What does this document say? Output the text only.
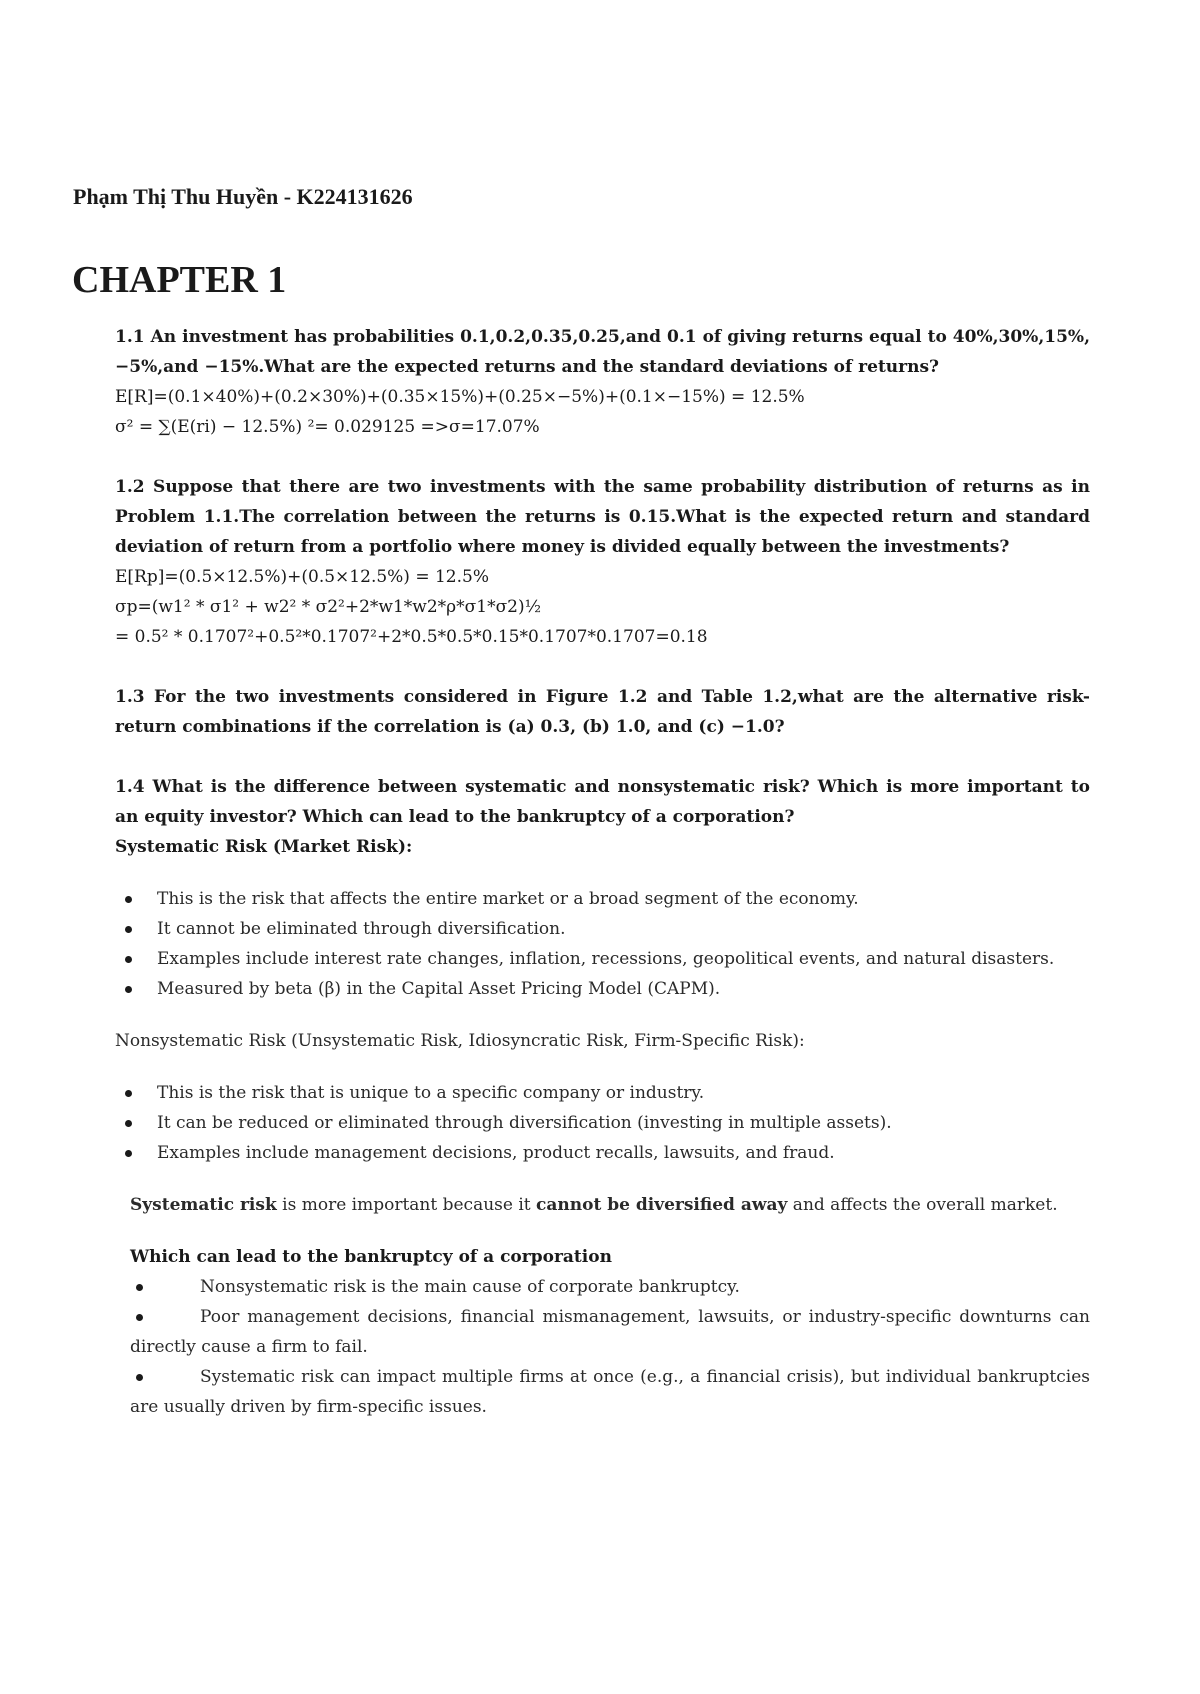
Phạm Thị Thu Huyền - K224131626
CHAPTER 1

1.1 An investment has probabilities 0.1,0.2,0.35,0.25,and 0.1 of giving returns equal to 40%,30%,15%,−5%,and −15%.What are the expected returns and the standard deviations of returns?

E[R]=(0.1×40%)+(0.2×30%)+(0.35×15%)+(0.25×−5%)+(0.1×−15%) = 12.5%

σ² = ∑(E(ri) − 12.5%) ²= 0.029125 =>σ=17.07%

1.2 Suppose that there are two investments with the same probability distribution of returns as in Problem 1.1.The correlation between the returns is 0.15.What is the expected return and standard deviation of return from a portfolio where money is divided equally between the investments?

E[Rp]=(0.5×12.5%)+(0.5×12.5%) = 12.5%

σp=(w1² * σ1² + w2² * σ2²+2*w1*w2*ρ*σ1*σ2)½

= 0.5² * 0.1707²+0.5²*0.1707²+2*0.5*0.5*0.15*0.1707*0.1707=0.18

1.3 For the two investments considered in Figure 1.2 and Table 1.2,what are the alternative risk-return combinations if the correlation is (a) 0.3, (b) 1.0, and (c) −1.0?

1.4 What is the difference between systematic and nonsystematic risk? Which is more important to an equity investor? Which can lead to the bankruptcy of a corporation?

Systematic Risk (Market Risk):

This is the risk that affects the entire market or a broad segment of the economy.

It cannot be eliminated through diversification.

Examples include interest rate changes, inflation, recessions, geopolitical events, and natural disasters.

Measured by beta (β) in the Capital Asset Pricing Model (CAPM).

Nonsystematic Risk (Unsystematic Risk, Idiosyncratic Risk, Firm-Specific Risk):

This is the risk that is unique to a specific company or industry.

It can be reduced or eliminated through diversification (investing in multiple assets).

Examples include management decisions, product recalls, lawsuits, and fraud.

Systematic risk is more important because it cannot be diversified away and affects the overall market.

Which can lead to the bankruptcy of a corporation

Nonsystematic risk is the main cause of corporate bankruptcy.

Poor management decisions, financial mismanagement, lawsuits, or industry-specific downturns can directly cause a firm to fail.

Systematic risk can impact multiple firms at once (e.g., a financial crisis), but individual bankruptcies are usually driven by firm-specific issues.
